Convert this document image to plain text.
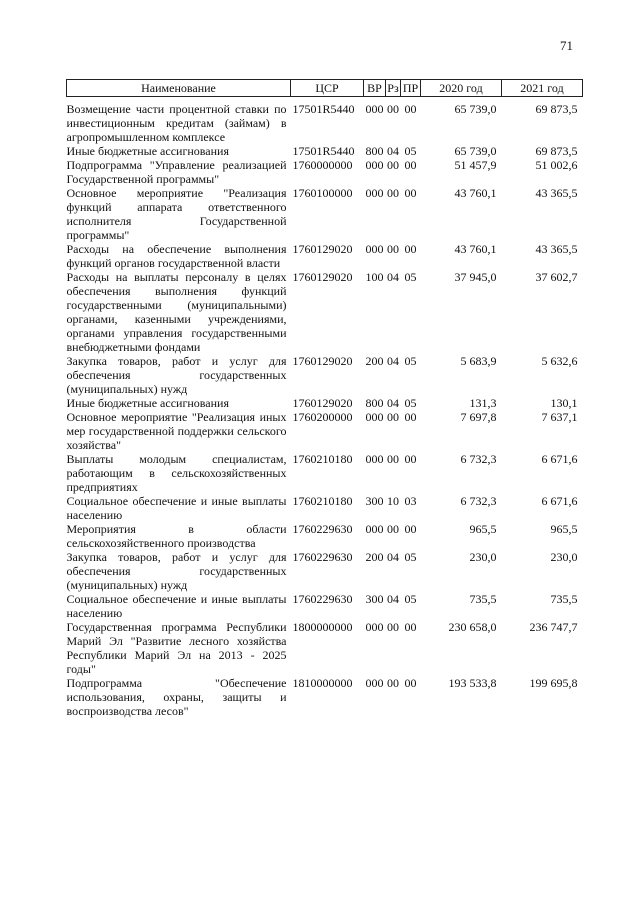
71
Наименование	ЦСР	ВР	Рз	ПР	2020 год	2021 год
Возмещение части процентной ставки по инвестиционным кредитам (займам) в агропромышленном комплексе	17501R5440	000	00	00	65 739,0	69 873,5
Иные бюджетные ассигнования	17501R5440	800	04	05	65 739,0	69 873,5
Подпрограмма "Управление реализацией Государственной программы"	1760000000	000	00	00	51 457,9	51 002,6
Основное мероприятие "Реализация функций аппарата ответственного исполнителя Государственной программы"	1760100000	000	00	00	43 760,1	43 365,5
Расходы на обеспечение выполнения функций органов государственной власти	1760129020	000	00	00	43 760,1	43 365,5
Расходы на выплаты персоналу в целях обеспечения выполнения функций государственными (муниципальными) органами, казенными учреждениями, органами управления государственными внебюджетными фондами	1760129020	100	04	05	37 945,0	37 602,7
Закупка товаров, работ и услуг для обеспечения государственных (муниципальных) нужд	1760129020	200	04	05	5 683,9	5 632,6
Иные бюджетные ассигнования	1760129020	800	04	05	131,3	130,1
Основное мероприятие "Реализация иных мер государственной поддержки сельского хозяйства"	1760200000	000	00	00	7 697,8	7 637,1
Выплаты молодым специалистам, работающим в сельскохозяйственных предприятиях	1760210180	000	00	00	6 732,3	6 671,6
Социальное обеспечение и иные выплаты населению	1760210180	300	10	03	6 732,3	6 671,6
Мероприятия в области сельскохозяйственного производства	1760229630	000	00	00	965,5	965,5
Закупка товаров, работ и услуг для обеспечения государственных (муниципальных) нужд	1760229630	200	04	05	230,0	230,0
Социальное обеспечение и иные выплаты населению	1760229630	300	04	05	735,5	735,5
Государственная программа Республики Марий Эл "Развитие лесного хозяйства Республики Марий Эл на 2013 - 2025 годы"	1800000000	000	00	00	230 658,0	236 747,7
Подпрограмма "Обеспечение использования, охраны, защиты и воспроизводства лесов"	1810000000	000	00	00	193 533,8	199 695,8
